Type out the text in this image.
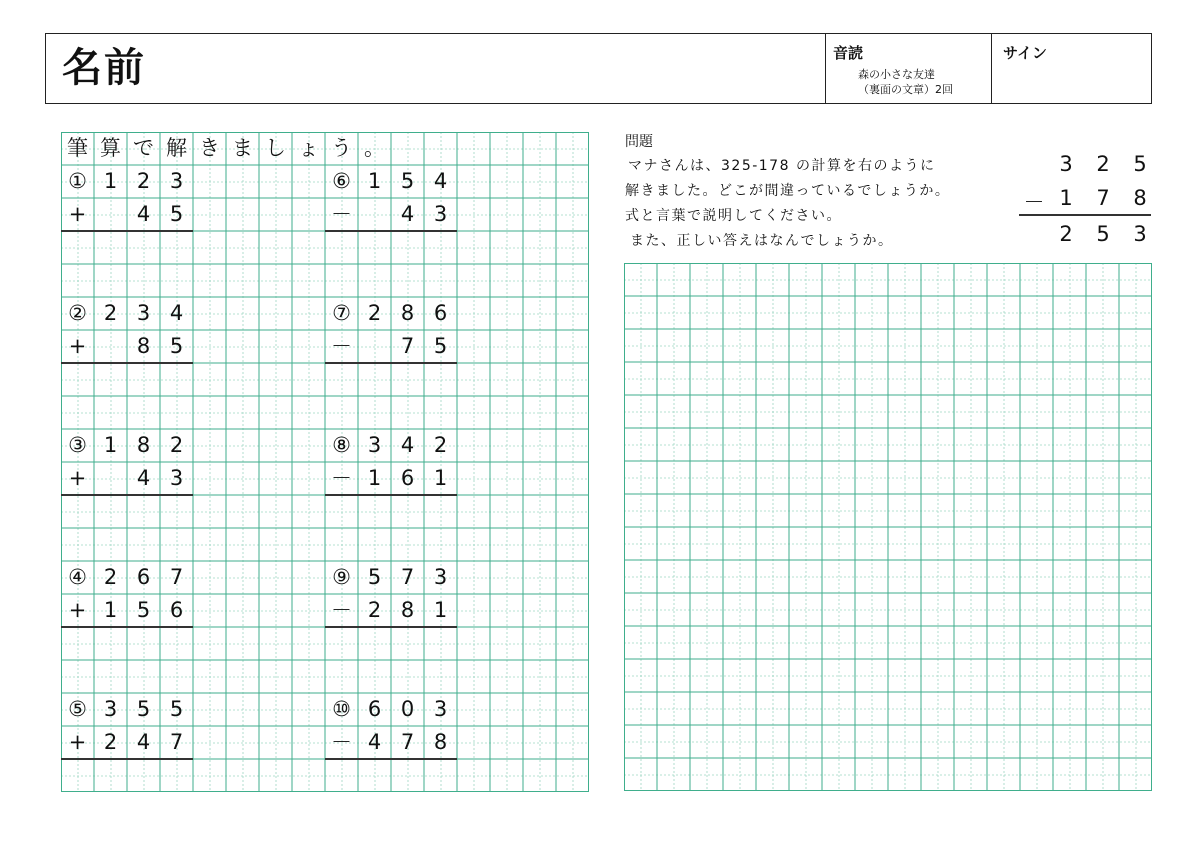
名前	音読
森の小さな友達
（裏面の文章）2回
サイン
筆 算 で 解 き ま し ょ う 。
① 1 2 3
+	4 5
② 2 3 4
+	8 5
③ 1 8 2
+	4 3
④ 2 6 7
+ 1 5 6
⑤ 3 5 5
+ 2 4 7
⑥ 1 5 4
－	4 3
⑦ 2 8 6
－	7 5
⑧ 3 4 2
－ 1 6 1
⑨ 5 7 3
－ 2 8 1
⑩ 6 0 3
－ 4 7 8
問題
マナさんは、325-178 の計算を右のように
解きました。どこが間違っているでしょうか。
式と言葉で説明してください。
また、正しい答えはなんでしょうか。
3	2	5
－ 1	7	8
2	5	3
